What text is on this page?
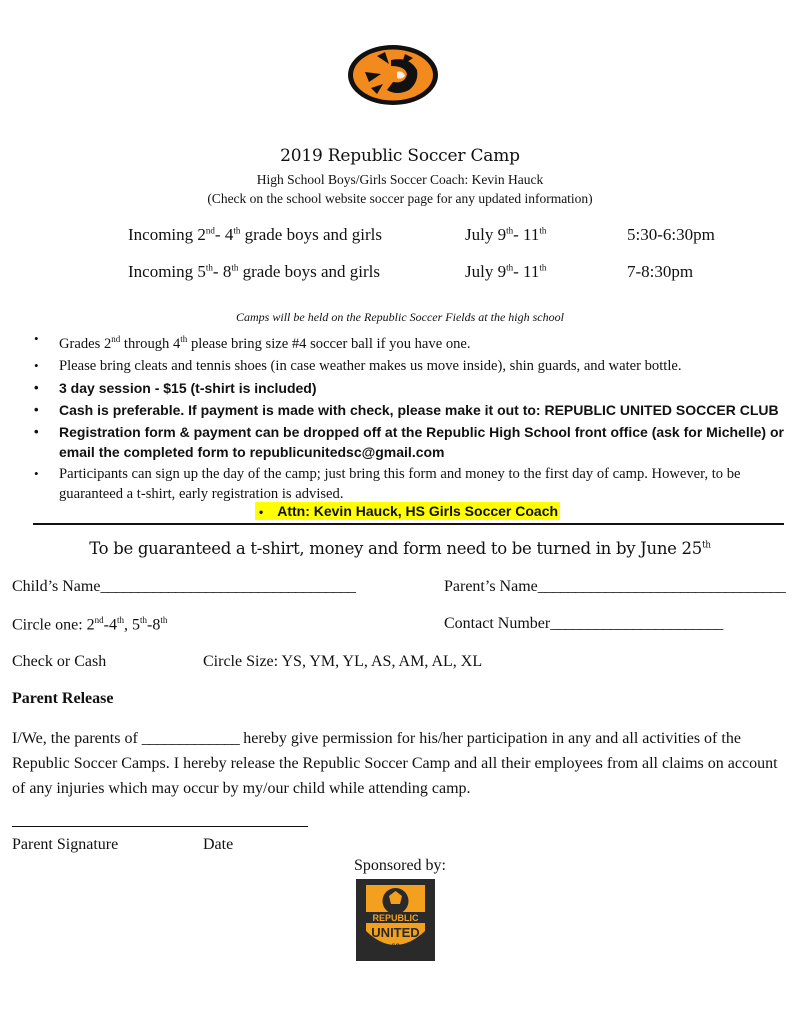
2019 Republic Soccer Camp
High School Boys/Girls Soccer Coach: Kevin Hauck
(Check on the school website soccer page for any updated information)
Incoming 2nd- 4th grade boys and girls	July 9th- 11th	5:30-6:30pm
Incoming 5th- 8th grade boys and girls	July 9th- 11th	7-8:30pm
Camps will be held on the Republic Soccer Fields at the high school
• Grades 2nd through 4th please bring size #4 soccer ball if you have one.
• Please bring cleats and tennis shoes (in case weather makes us move inside), shin guards, and water bottle.
• 3 day session - $15 (t-shirt is included)
• Cash is preferable. If payment is made with check, please make it out to: REPUBLIC UNITED SOCCER CLUB
• Registration form & payment can be dropped off at the Republic High School front office (ask for Michelle) or email the completed form to republicunitedsc@gmail.com
• Participants can sign up the day of the camp; just bring this form and money to the first day of camp. However, to be guaranteed a t-shirt, early registration is advised.
• Attn: Kevin Hauck, HS Girls Soccer Coach
To be guaranteed a t-shirt, money and form need to be turned in by June 25th
Child’s Name__________________________________	Parent’s Name_________________________________
Circle one: 2nd-4th, 5th-8th	Contact Number_______________________
Check or Cash	Circle Size: YS, YM, YL, AS, AM, AL, XL
Parent Release
I/We, the parents of _____________ hereby give permission for his/her participation in any and all activities of the Republic Soccer Camps. I hereby release the Republic Soccer Camp and all their employees from all claims on account of any injuries which may occur by my/our child while attending camp.
Parent Signature	Date
Sponsored by:
REPUBLIC
UNITED
SC
